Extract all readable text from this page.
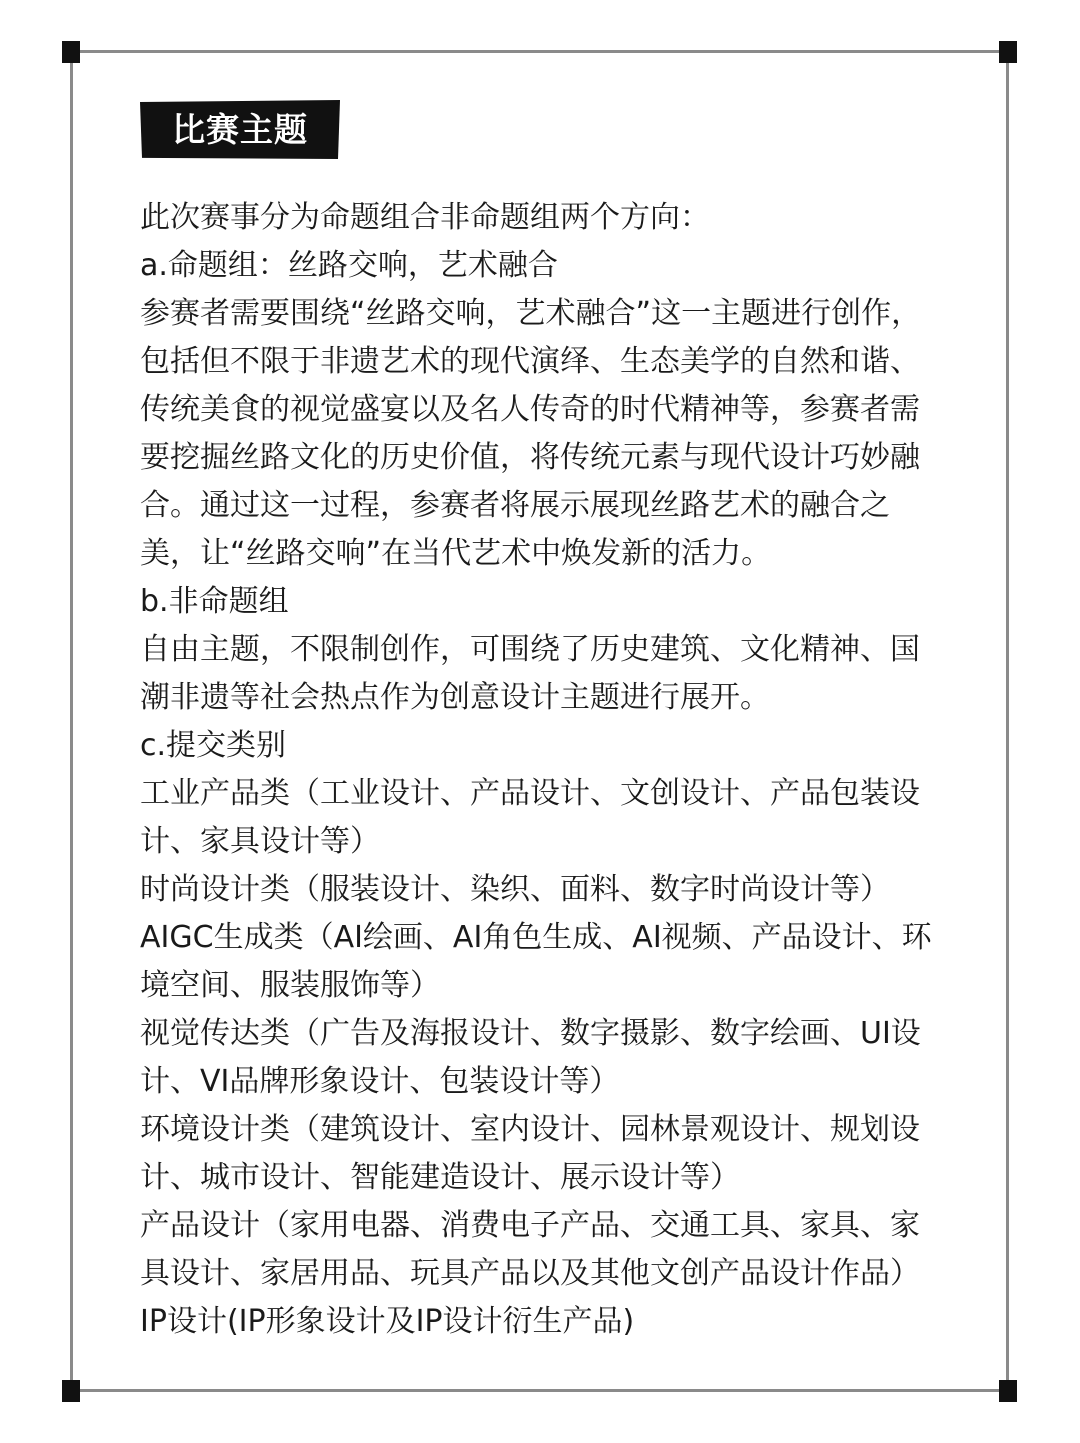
比赛主题

此次赛事分为命题组合非命题组两个方向：

a.命题组：丝路交响，艺术融合

参赛者需要围绕“丝路交响，艺术融合”这一主题进行创作，包括但不限于非遗艺术的现代演绎、生态美学的自然和谐、传统美食的视觉盛宴以及名人传奇的时代精神等，参赛者需要挖掘丝路文化的历史价值，将传统元素与现代设计巧妙融合。通过这一过程，参赛者将展示展现丝路艺术的融合之美，让“丝路交响”在当代艺术中焕发新的活力。

b.非命题组

自由主题，不限制创作，可围绕了历史建筑、文化精神、国潮非遗等社会热点作为创意设计主题进行展开。

c.提交类别

工业产品类（工业设计、产品设计、文创设计、产品包装设计、家具设计等）

时尚设计类（服装设计、染织、面料、数字时尚设计等）

AIGC生成类（AI绘画、AI角色生成、AI视频、产品设计、环境空间、服装服饰等）

视觉传达类（广告及海报设计、数字摄影、数字绘画、UI设计、VI品牌形象设计、包装设计等）

环境设计类（建筑设计、室内设计、园林景观设计、规划设计、城市设计、智能建造设计、展示设计等）

产品设计（家用电器、消费电子产品、交通工具、家具、家具设计、家居用品、玩具产品以及其他文创产品设计作品）

IP设计(IP形象设计及IP设计衍生产品)
